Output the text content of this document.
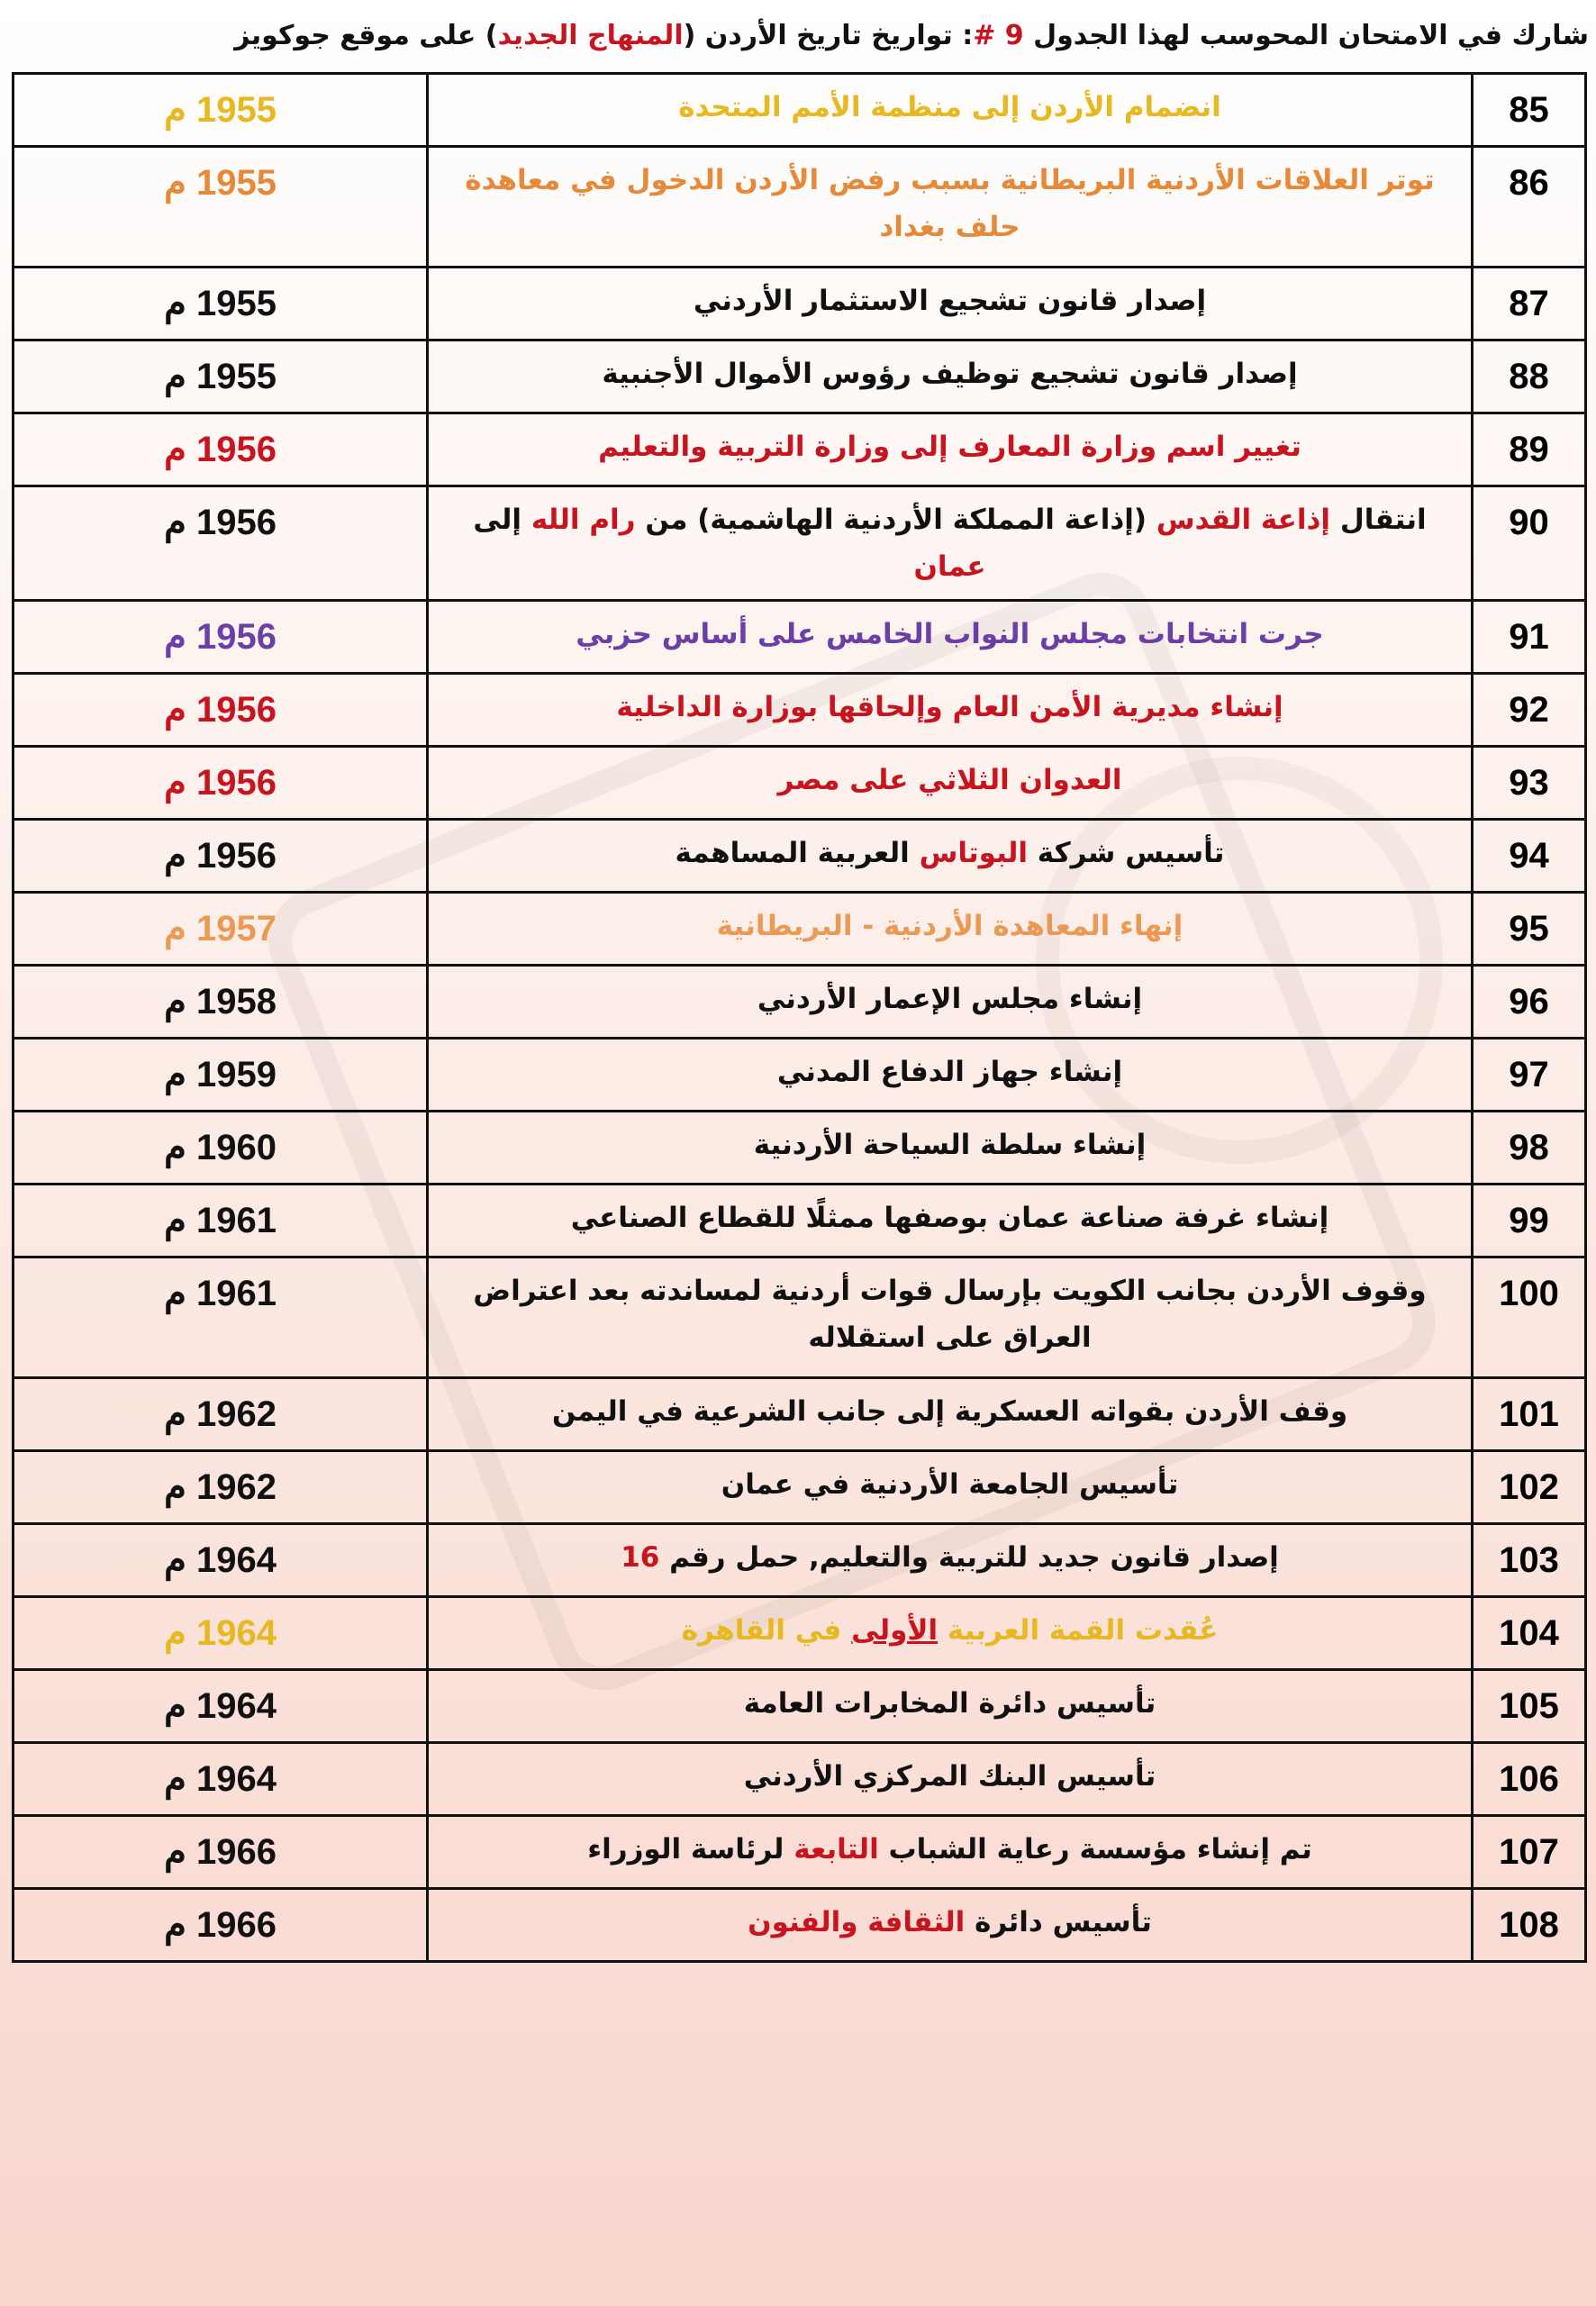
شارك في الامتحان المحوسب لهذا الجدول # 9: تواريخ تاريخ الأردن (المنهاج الجديد) على موقع جوكويز
85	انضمام الأردن إلى منظمة الأمم المتحدة	م 1955
86	توتر العلاقات الأردنية البريطانية بسبب رفض الأردن الدخول في معاهدة حلف بغداد	م 1955
87	إصدار قانون تشجيع الاستثمار الأردني	م 1955
88	إصدار قانون تشجيع توظيف رؤوس الأموال الأجنبية	م 1955
89	تغيير اسم وزارة المعارف إلى وزارة التربية والتعليم	م 1956
90	انتقال إذاعة القدس (إذاعة المملكة الأردنية الهاشمية) من رام الله إلى عمان	م 1956
91	جرت انتخابات مجلس النواب الخامس على أساس حزبي	م 1956
92	إنشاء مديرية الأمن العام وإلحاقها بوزارة الداخلية	م 1956
93	العدوان الثلاثي على مصر	م 1956
94	تأسيس شركة البوتاس العربية المساهمة	م 1956
95	إنهاء المعاهدة الأردنية - البريطانية	م 1957
96	إنشاء مجلس الإعمار الأردني	م 1958
97	إنشاء جهاز الدفاع المدني	م 1959
98	إنشاء سلطة السياحة الأردنية	م 1960
99	إنشاء غرفة صناعة عمان بوصفها ممثلًا للقطاع الصناعي	م 1961
100	وقوف الأردن بجانب الكويت بإرسال قوات أردنية لمساندته بعد اعتراض العراق على استقلاله	م 1961
101	وقف الأردن بقواته العسكرية إلى جانب الشرعية في اليمن	م 1962
102	تأسيس الجامعة الأردنية في عمان	م 1962
103	إصدار قانون جديد للتربية والتعليم, حمل رقم 16	م 1964
104	عُقدت القمة العربية الأولى في القاهرة	م 1964
105	تأسيس دائرة المخابرات العامة	م 1964
106	تأسيس البنك المركزي الأردني	م 1964
107	تم إنشاء مؤسسة رعاية الشباب التابعة لرئاسة الوزراء	م 1966
108	تأسيس دائرة الثقافة والفنون	م 1966
